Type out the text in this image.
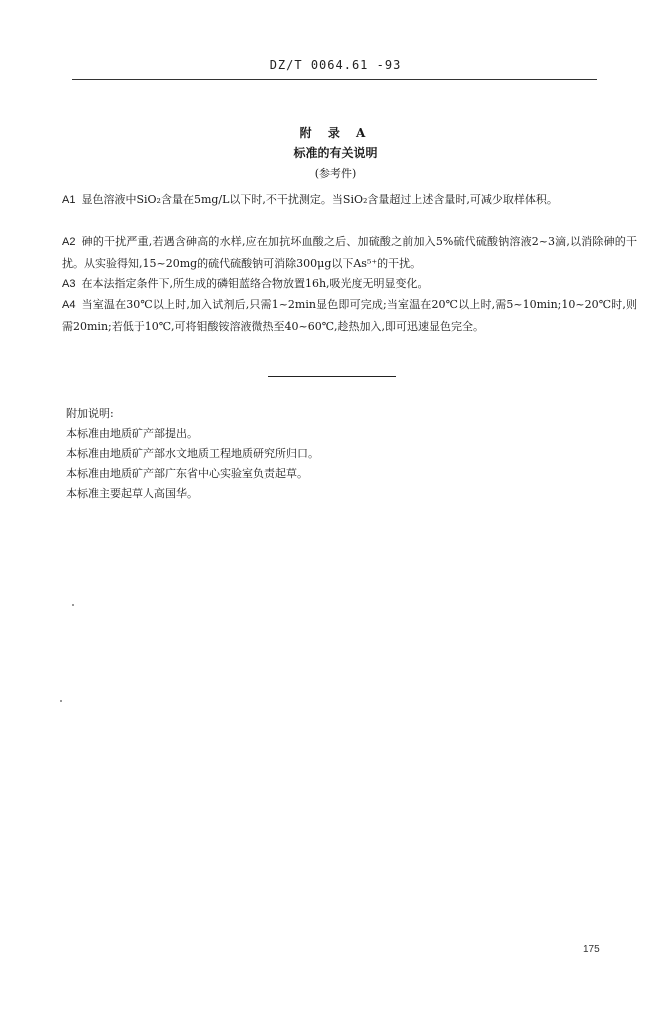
DZ/T 0064.61 -93
附 录 A
标准的有关说明
(参考件)
A1 显色溶液中SiO₂含量在5mg/L以下时,不干扰测定。当SiO₂含量超过上述含量时,可减少取样体积。
A2 砷的干扰严重,若遇含砷高的水样,应在加抗坏血酸之后、加硫酸之前加入5%硫代硫酸钠溶液2~3滴,以消除砷的干扰。从实验得知,15~20mg的硫代硫酸钠可消除300μg以下As⁵⁺的干扰。
A3 在本法指定条件下,所生成的磷钼蓝络合物放置16h,吸光度无明显变化。
A4 当室温在30℃以上时,加入试剂后,只需1~2min显色即可完成;当室温在20℃以上时,需5~10min;10~20℃时,则需20min;若低于10℃,可将钼酸铵溶液微热至40~60℃,趁热加入,即可迅速显色完全。
附加说明:
本标准由地质矿产部提出。
本标准由地质矿产部水文地质工程地质研究所归口。
本标准由地质矿产部广东省中心实验室负责起草。
本标准主要起草人高国华。
175
